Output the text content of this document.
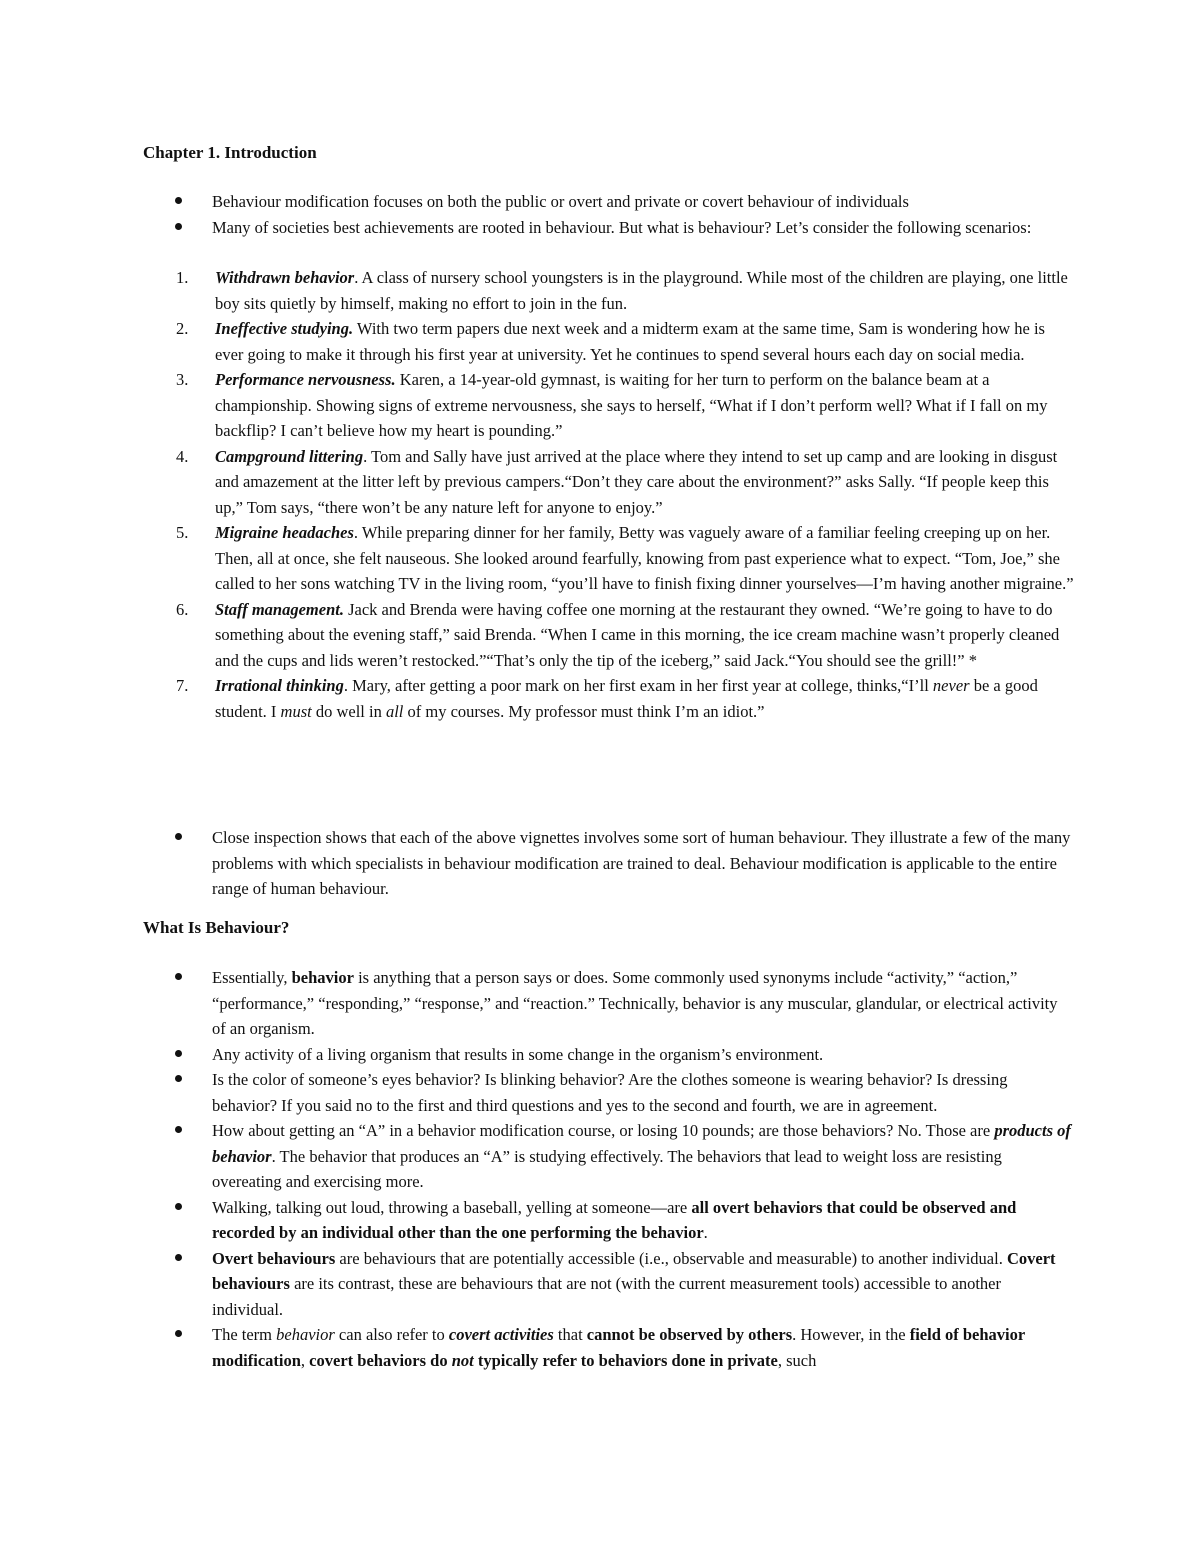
Chapter 1. Introduction
Behaviour modification focuses on both the public or overt and private or covert behaviour of individuals
Many of societies best achievements are rooted in behaviour. But what is behaviour? Let’s consider the following scenarios:
1. Withdrawn behavior. A class of nursery school youngsters is in the playground. While most of the children are playing, one little boy sits quietly by himself, making no effort to join in the fun.
2. Ineffective studying. With two term papers due next week and a midterm exam at the same time, Sam is wondering how he is ever going to make it through his first year at university. Yet he continues to spend several hours each day on social media.
3. Performance nervousness. Karen, a 14-year-old gymnast, is waiting for her turn to perform on the balance beam at a championship. Showing signs of extreme nervousness, she says to herself, “What if I don’t perform well? What if I fall on my backflip? I can’t believe how my heart is pounding.”
4. Campground littering. Tom and Sally have just arrived at the place where they intend to set up camp and are looking in disgust and amazement at the litter left by previous campers.“Don’t they care about the environment?” asks Sally. “If people keep this up,” Tom says, “there won’t be any nature left for anyone to enjoy.”
5. Migraine headaches. While preparing dinner for her family, Betty was vaguely aware of a familiar feeling creeping up on her. Then, all at once, she felt nauseous. She looked around fearfully, knowing from past experience what to expect. “Tom, Joe,” she called to her sons watching TV in the living room, “you’ll have to finish fixing dinner yourselves—I’m having another migraine.”
6. Staff management. Jack and Brenda were having coffee one morning at the restaurant they owned. “We’re going to have to do something about the evening staff,” said Brenda. “When I came in this morning, the ice cream machine wasn’t properly cleaned and the cups and lids weren’t restocked.”“That’s only the tip of the iceberg,” said Jack.“You should see the grill!” *
7. Irrational thinking. Mary, after getting a poor mark on her first exam in her first year at college, thinks,“I’ll never be a good student. I must do well in all of my courses. My professor must think I’m an idiot.”
Close inspection shows that each of the above vignettes involves some sort of human behaviour. They illustrate a few of the many problems with which specialists in behaviour modification are trained to deal. Behaviour modification is applicable to the entire range of human behaviour.
What Is Behaviour?
Essentially, behavior is anything that a person says or does. Some commonly used synonyms include “activity,” “action,” “performance,” “responding,” “response,” and “reaction.” Technically, behavior is any muscular, glandular, or electrical activity of an organism.
Any activity of a living organism that results in some change in the organism’s environment.
Is the color of someone’s eyes behavior? Is blinking behavior? Are the clothes someone is wearing behavior? Is dressing behavior? If you said no to the first and third questions and yes to the second and fourth, we are in agreement.
How about getting an “A” in a behavior modification course, or losing 10 pounds; are those behaviors? No. Those are products of behavior. The behavior that produces an “A” is studying effectively. The behaviors that lead to weight loss are resisting overeating and exercising more.
Walking, talking out loud, throwing a baseball, yelling at someone—are all overt behaviors that could be observed and recorded by an individual other than the one performing the behavior.
Overt behaviours are behaviours that are potentially accessible (i.e., observable and measurable) to another individual. Covert behaviours are its contrast, these are behaviours that are not (with the current measurement tools) accessible to another individual.
The term behavior can also refer to covert activities that cannot be observed by others. However, in the field of behavior modification, covert behaviors do not typically refer to behaviors done in private, such
